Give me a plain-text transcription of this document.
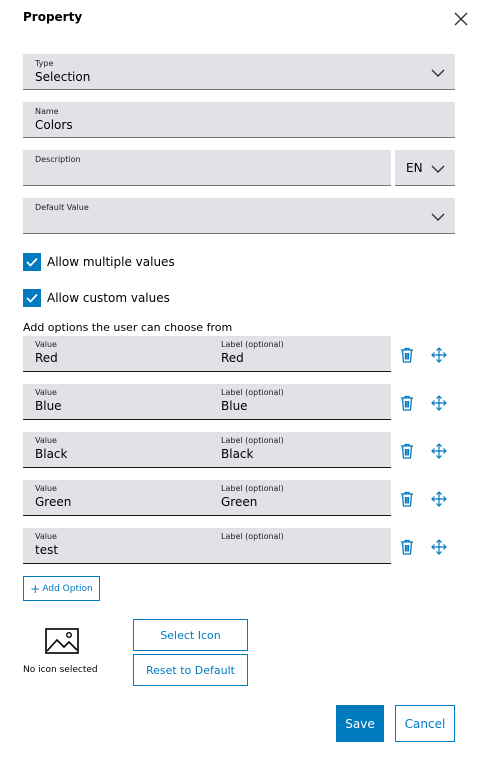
Property
Type
Selection
Name
Colors
Description
EN
Default Value
Allow multiple values
Allow custom values
Add options the user can choose from
Value
Red
Label (optional)
Red
Value
Blue
Label (optional)
Blue
Value
Black
Label (optional)
Black
Value
Green
Label (optional)
Green
Value
test
Label (optional)
+ Add Option
No icon selected
Select Icon
Reset to Default
Save	Cancel
